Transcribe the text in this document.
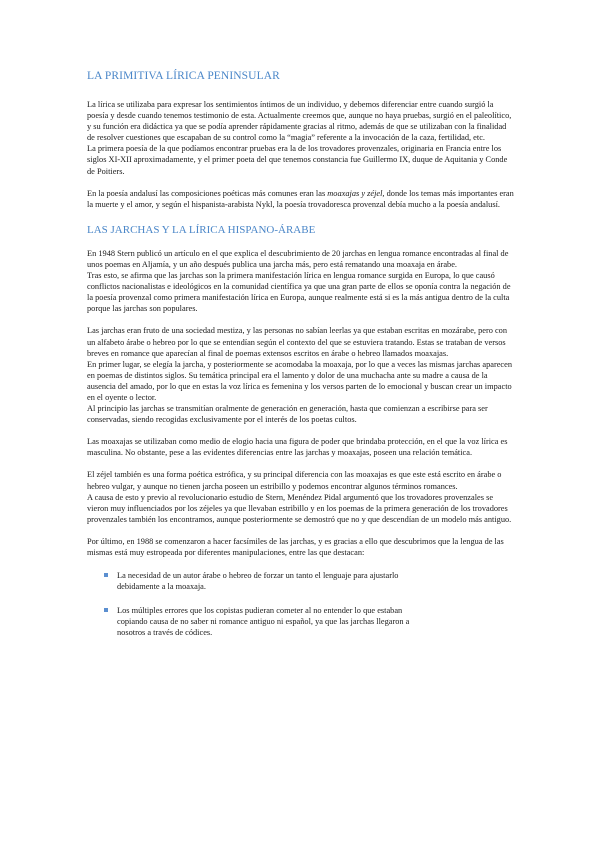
LA PRIMITIVA LÍRICA PENINSULAR

La lírica se utilizaba para expresar los sentimientos íntimos de un individuo, y debemos diferenciar entre cuando surgió la poesía y desde cuando tenemos testimonio de esta. Actualmente creemos que, aunque no haya pruebas, surgió en el paleolítico, y su función era didáctica ya que se podía aprender rápidamente gracias al ritmo, además de que se utilizaban con la finalidad de resolver cuestiones que escapaban de su control como la “magia” referente a la invocación de la caza, fertilidad, etc.

La primera poesía de la que podíamos encontrar pruebas era la de los trovadores provenzales, originaria en Francia entre los siglos XI-XII aproximadamente, y el primer poeta del que tenemos constancia fue Guillermo IX, duque de Aquitania y Conde de Poitiers.

En la poesía andalusí las composiciones poéticas más comunes eran las moaxajas y zéjel, donde los temas más importantes eran la muerte y el amor, y según el hispanista-arabista Nykl, la poesía trovadoresca provenzal debía mucho a la poesía andalusí.

LAS JARCHAS Y LA LÍRICA HISPANO-ÁRABE

En 1948 Stern publicó un artículo en el que explica el descubrimiento de 20 jarchas en lengua romance encontradas al final de unos poemas en Aljamía, y un año después publica una jarcha más, pero está rematando una moaxaja en árabe.

Tras esto, se afirma que las jarchas son la primera manifestación lírica en lengua romance surgida en Europa, lo que causó conflictos nacionalistas e ideológicos en la comunidad científica ya que una gran parte de ellos se oponía contra la negación de la poesía provenzal como primera manifestación lírica en Europa, aunque realmente está si es la más antigua dentro de la culta porque las jarchas son populares.

Las jarchas eran fruto de una sociedad mestiza, y las personas no sabían leerlas ya que estaban escritas en mozárabe, pero con un alfabeto árabe o hebreo por lo que se entendían según el contexto del que se estuviera tratando. Estas se trataban de versos breves en romance que aparecían al final de poemas extensos escritos en árabe o hebreo llamados moaxajas.

En primer lugar, se elegía la jarcha, y posteriormente se acomodaba la moaxaja, por lo que a veces las mismas jarchas aparecen en poemas de distintos siglos. Su temática principal era el lamento y dolor de una muchacha ante su madre a causa de la ausencia del amado, por lo que en estas la voz lírica es femenina y los versos parten de lo emocional y buscan crear un impacto en el oyente o lector.

Al principio las jarchas se transmitían oralmente de generación en generación, hasta que comienzan a escribirse para ser conservadas, siendo recogidas exclusivamente por el interés de los poetas cultos.

Las moaxajas se utilizaban como medio de elogio hacia una figura de poder que brindaba protección, en el que la voz lírica es masculina. No obstante, pese a las evidentes diferencias entre las jarchas y moaxajas, poseen una relación temática.

El zéjel también es una forma poética estrófica, y su principal diferencia con las moaxajas es que este está escrito en árabe o hebreo vulgar, y aunque no tienen jarcha poseen un estribillo y podemos encontrar algunos términos romances.

A causa de esto y previo al revolucionario estudio de Stern, Menéndez Pidal argumentó que los trovadores provenzales se vieron muy influenciados por los zéjeles ya que llevaban estribillo y en los poemas de la primera generación de los trovadores provenzales también los encontramos, aunque posteriormente se demostró que no y que descendían de un modelo más antiguo.

Por último, en 1988 se comenzaron a hacer facsímiles de las jarchas, y es gracias a ello que descubrimos que la lengua de las mismas está muy estropeada por diferentes manipulaciones, entre las que destacan:

La necesidad de un autor árabe o hebreo de forzar un tanto el lenguaje para ajustarlo debidamente a la moaxaja.
Los múltiples errores que los copistas pudieran cometer al no entender lo que estaban copiando causa de no saber ni romance antiguo ni español, ya que las jarchas llegaron a nosotros a través de códices.
